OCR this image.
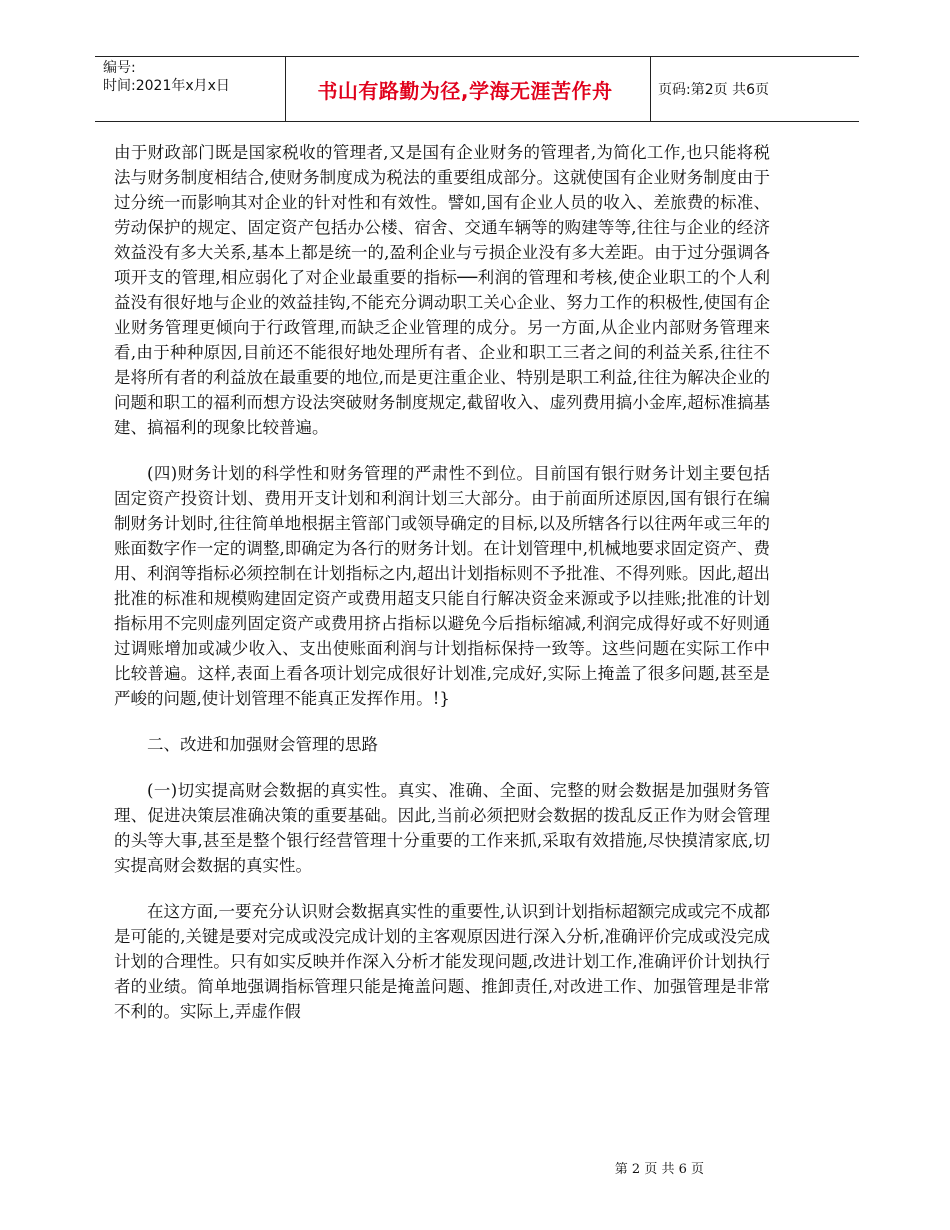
编号:
时间:2021年x月x日	书山有路勤为径,学海无涯苦作舟	页码:第2页 共6页

由于财政部门既是国家税收的管理者,又是国有企业财务的管理者,为简化工作,也只能将税法与财务制度相结合,使财务制度成为税法的重要组成部分。这就使国有企业财务制度由于过分统一而影响其对企业的针对性和有效性。譬如,国有企业人员的收入、差旅费的标准、劳动保护的规定、固定资产包括办公楼、宿舍、交通车辆等的购建等等,往往与企业的经济效益没有多大关系,基本上都是统一的,盈利企业与亏损企业没有多大差距。由于过分强调各项开支的管理,相应弱化了对企业最重要的指标──利润的管理和考核,使企业职工的个人利益没有很好地与企业的效益挂钩,不能充分调动职工关心企业、努力工作的积极性,使国有企业财务管理更倾向于行政管理,而缺乏企业管理的成分。另一方面,从企业内部财务管理来看,由于种种原因,目前还不能很好地处理所有者、企业和职工三者之间的利益关系,往往不是将所有者的利益放在最重要的地位,而是更注重企业、特别是职工利益,往往为解决企业的问题和职工的福利而想方设法突破财务制度规定,截留收入、虚列费用搞小金库,超标准搞基建、搞福利的现象比较普遍。

(四)财务计划的科学性和财务管理的严肃性不到位。目前国有银行财务计划主要包括固定资产投资计划、费用开支计划和利润计划三大部分。由于前面所述原因,国有银行在编制财务计划时,往往简单地根据主管部门或领导确定的目标,以及所辖各行以往两年或三年的账面数字作一定的调整,即确定为各行的财务计划。在计划管理中,机械地要求固定资产、费用、利润等指标必须控制在计划指标之内,超出计划指标则不予批准、不得列账。因此,超出批准的标准和规模购建固定资产或费用超支只能自行解决资金来源或予以挂账;批准的计划指标用不完则虚列固定资产或费用挤占指标以避免今后指标缩减,利润完成得好或不好则通过调账增加或减少收入、支出使账面利润与计划指标保持一致等。这些问题在实际工作中比较普遍。这样,表面上看各项计划完成很好计划准,完成好,实际上掩盖了很多问题,甚至是严峻的问题,使计划管理不能真正发挥作用。!}

二、改进和加强财会管理的思路

(一)切实提高财会数据的真实性。真实、准确、全面、完整的财会数据是加强财务管理、促进决策层准确决策的重要基础。因此,当前必须把财会数据的拨乱反正作为财会管理的头等大事,甚至是整个银行经营管理十分重要的工作来抓,采取有效措施,尽快摸清家底,切实提高财会数据的真实性。

在这方面,一要充分认识财会数据真实性的重要性,认识到计划指标超额完成或完不成都是可能的,关键是要对完成或没完成计划的主客观原因进行深入分析,准确评价完成或没完成计划的合理性。只有如实反映并作深入分析才能发现问题,改进计划工作,准确评价计划执行者的业绩。简单地强调指标管理只能是掩盖问题、推卸责任,对改进工作、加强管理是非常不利的。实际上,弄虚作假

第 2 页 共 6 页
